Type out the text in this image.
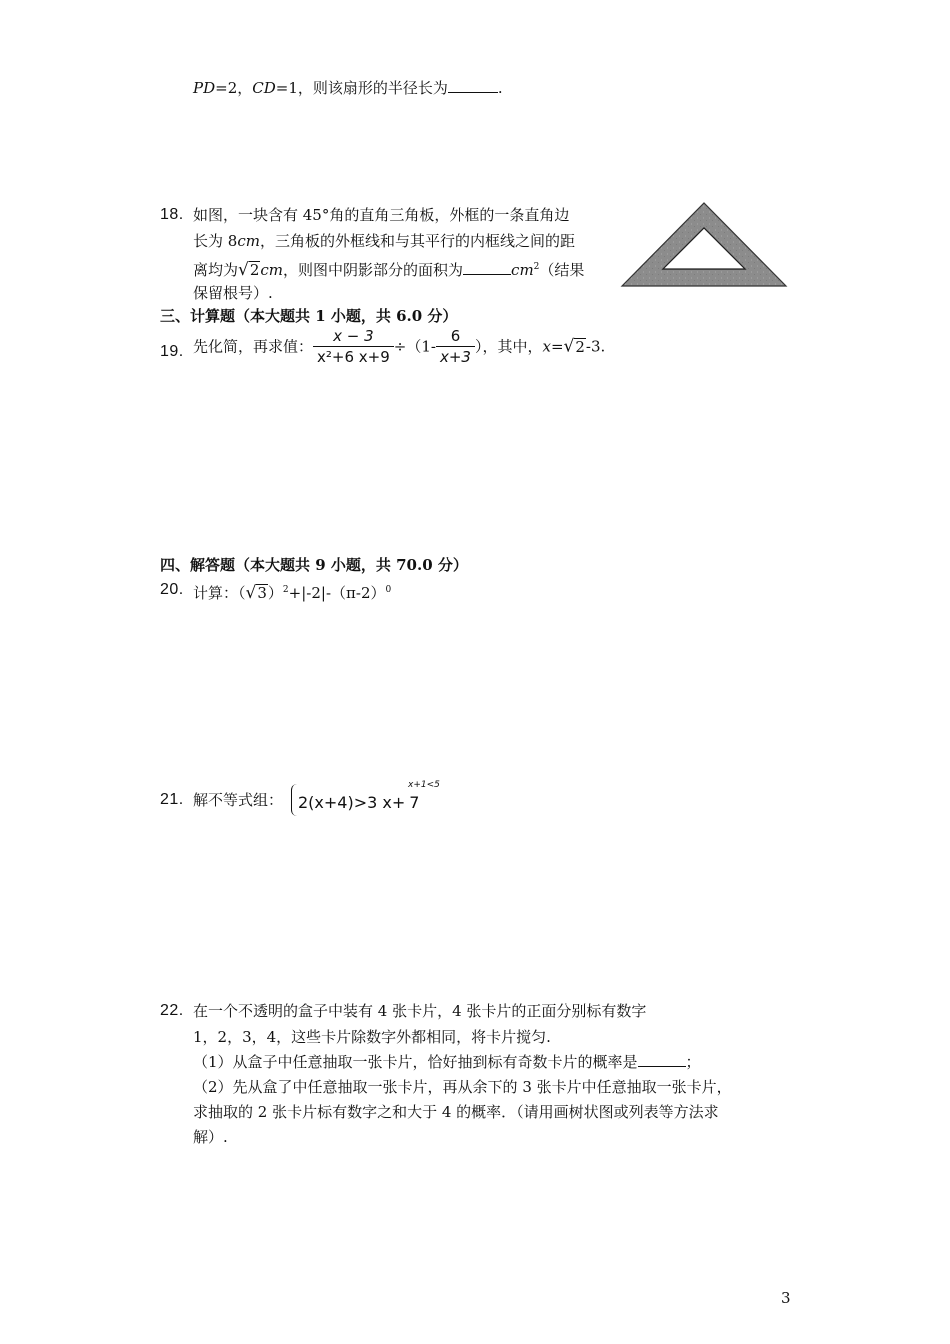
PD=2，CD=1，则该扇形的半径长为	.
18. 如图，一块含有 45°角的直角三角板，外框的一条直角边
长为 8cm，三角板的外框线和与其平行的内框线之间的距
离均为√2cm，则图中阴影部分的面积为	$cm^2$（结果
保留根号）.
三、计算题（本大题共 1 小题，共 6.0 分）
19. 先化简，再求值： $\frac{x - 3}{\text{x²+6 x+9}} \div(1- \frac{6}{x+3}$ ），其中，x=√2-3.
四、解答题（本大题共 9 小题，共 70.0 分）
20. 计算：$(√3)^2+|-2|-(\pi-2)^0$
21. 解不等式组：
x+1<5
2(x+4)>3 x+ 7
22. 在一个不透明的盒子中装有 4 张卡片，4 张卡片的正面分别标有数字
1，2，3，4，这些卡片除数字外都相同，将卡片搅匀.
（1）从盒子中任意抽取一张卡片，恰好抽到标有奇数卡片的概率是	；
（2）先从盒了中任意抽取一张卡片，再从余下的 3 张卡片中任意抽取一张卡片，
求抽取的 2 张卡片标有数字之和大于 4 的概率．（请用画树状图或列表等方法求
解）.
3
